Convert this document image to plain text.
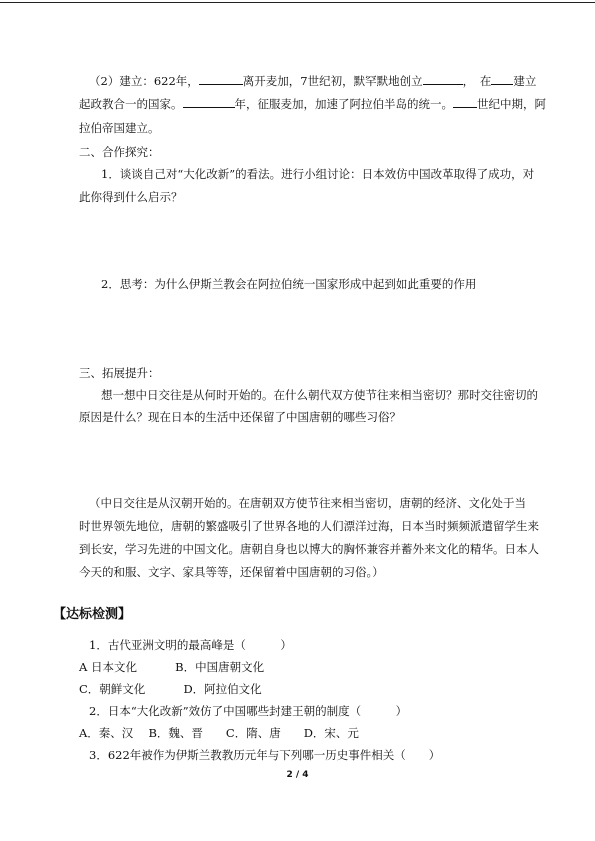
（2）建立：622年，	离开麦加，7世纪初，默罕默地创立	，　在 建立
起政教合一的国家。	年，征服麦加，加速了阿拉伯半岛的统一。 世纪中期，阿
拉伯帝国建立。
二、合作探究：
1．谈谈自己对“大化改新”的看法。进行小组讨论：日本效仿中国改革取得了成功，对
此你得到什么启示？
2．思考：为什么伊斯兰教会在阿拉伯统一国家形成中起到如此重要的作用
三、拓展提升：
想一想中日交往是从何时开始的。在什么朝代双方使节往来相当密切？那时交往密切的
原因是什么？现在日本的生活中还保留了中国唐朝的哪些习俗？
（中日交往是从汉朝开始的。在唐朝双方使节往来相当密切，唐朝的经济、文化处于当
时世界领先地位，唐朝的繁盛吸引了世界各地的人们漂洋过海，日本当时频频派遣留学生来
到长安，学习先进的中国文化。唐朝自身也以博大的胸怀兼容并蓄外来文化的精华。日本人
今天的和服、文字、家具等等，还保留着中国唐朝的习俗。）
【达标检测】
1．古代亚洲文明的最高峰是（　　　）
A 日本文化　　　 B．中国唐朝文化
C．朝鲜文化　　　 D．阿拉伯文化
2．日本“大化改新”效仿了中国哪些封建王朝的制度（　　　）
A．秦、汉　 B．魏、晋　　C．隋、唐　　D．宋、元
3．622年被作为伊斯兰教教历元年与下列哪一历史事件相关（　　）
2 / 4
